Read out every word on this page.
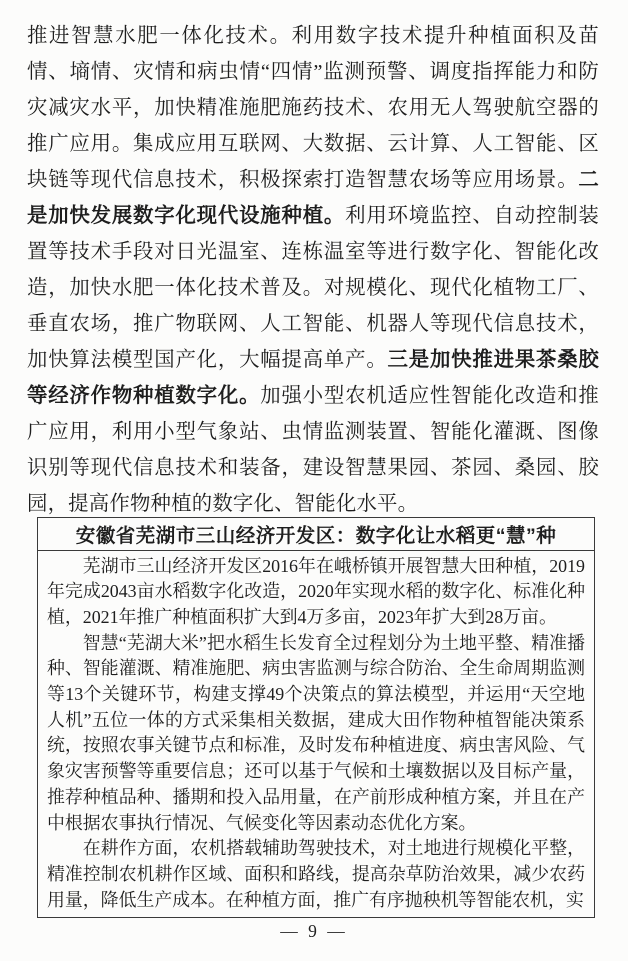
推进智慧水肥一体化技术。利用数字技术提升种植面积及苗情、墒情、灾情和病虫情“四情”监测预警、调度指挥能力和防灾减灾水平，加快精准施肥施药技术、农用无人驾驶航空器的推广应用。集成应用互联网、大数据、云计算、人工智能、区块链等现代信息技术，积极探索打造智慧农场等应用场景。二是加快发展数字化现代设施种植。利用环境监控、自动控制装置等技术手段对日光温室、连栋温室等进行数字化、智能化改造，加快水肥一体化技术普及。对规模化、现代化植物工厂、垂直农场，推广物联网、人工智能、机器人等现代信息技术，加快算法模型国产化，大幅提高单产。三是加快推进果茶桑胶等经济作物种植数字化。加强小型农机适应性智能化改造和推广应用，利用小型气象站、虫情监测装置、智能化灌溉、图像识别等现代信息技术和装备，建设智慧果园、茶园、桑园、胶园，提高作物种植的数字化、智能化水平。
安徽省芜湖市三山经济开发区：数字化让水稻更“慧”种

芜湖市三山经济开发区2016年在峨桥镇开展智慧大田种植，2019年完成2043亩水稻数字化改造，2020年实现水稻的数字化、标准化种植，2021年推广种植面积扩大到4万多亩，2023年扩大到28万亩。

智慧“芜湖大米”把水稻生长发育全过程划分为土地平整、精准播种、智能灌溉、精准施肥、病虫害监测与综合防治、全生命周期监测等13个关键环节，构建支撑49个决策点的算法模型，并运用“天空地人机”五位一体的方式采集相关数据，建成大田作物种植智能决策系统，按照农事关键节点和标准，及时发布种植进度、病虫害风险、气象灾害预警等重要信息；还可以基于气候和土壤数据以及目标产量，推荐种植品种、播期和投入品用量，在产前形成种植方案，并且在产中根据农事执行情况、气候变化等因素动态优化方案。

在耕作方面，农机搭载辅助驾驶技术，对土地进行规模化平整，精准控制农机耕作区域、面积和路线，提高杂草防治效果，减少农药用量，降低生产成本。在种植方面，推广有序抛秧机等智能农机，实

— 9 —
